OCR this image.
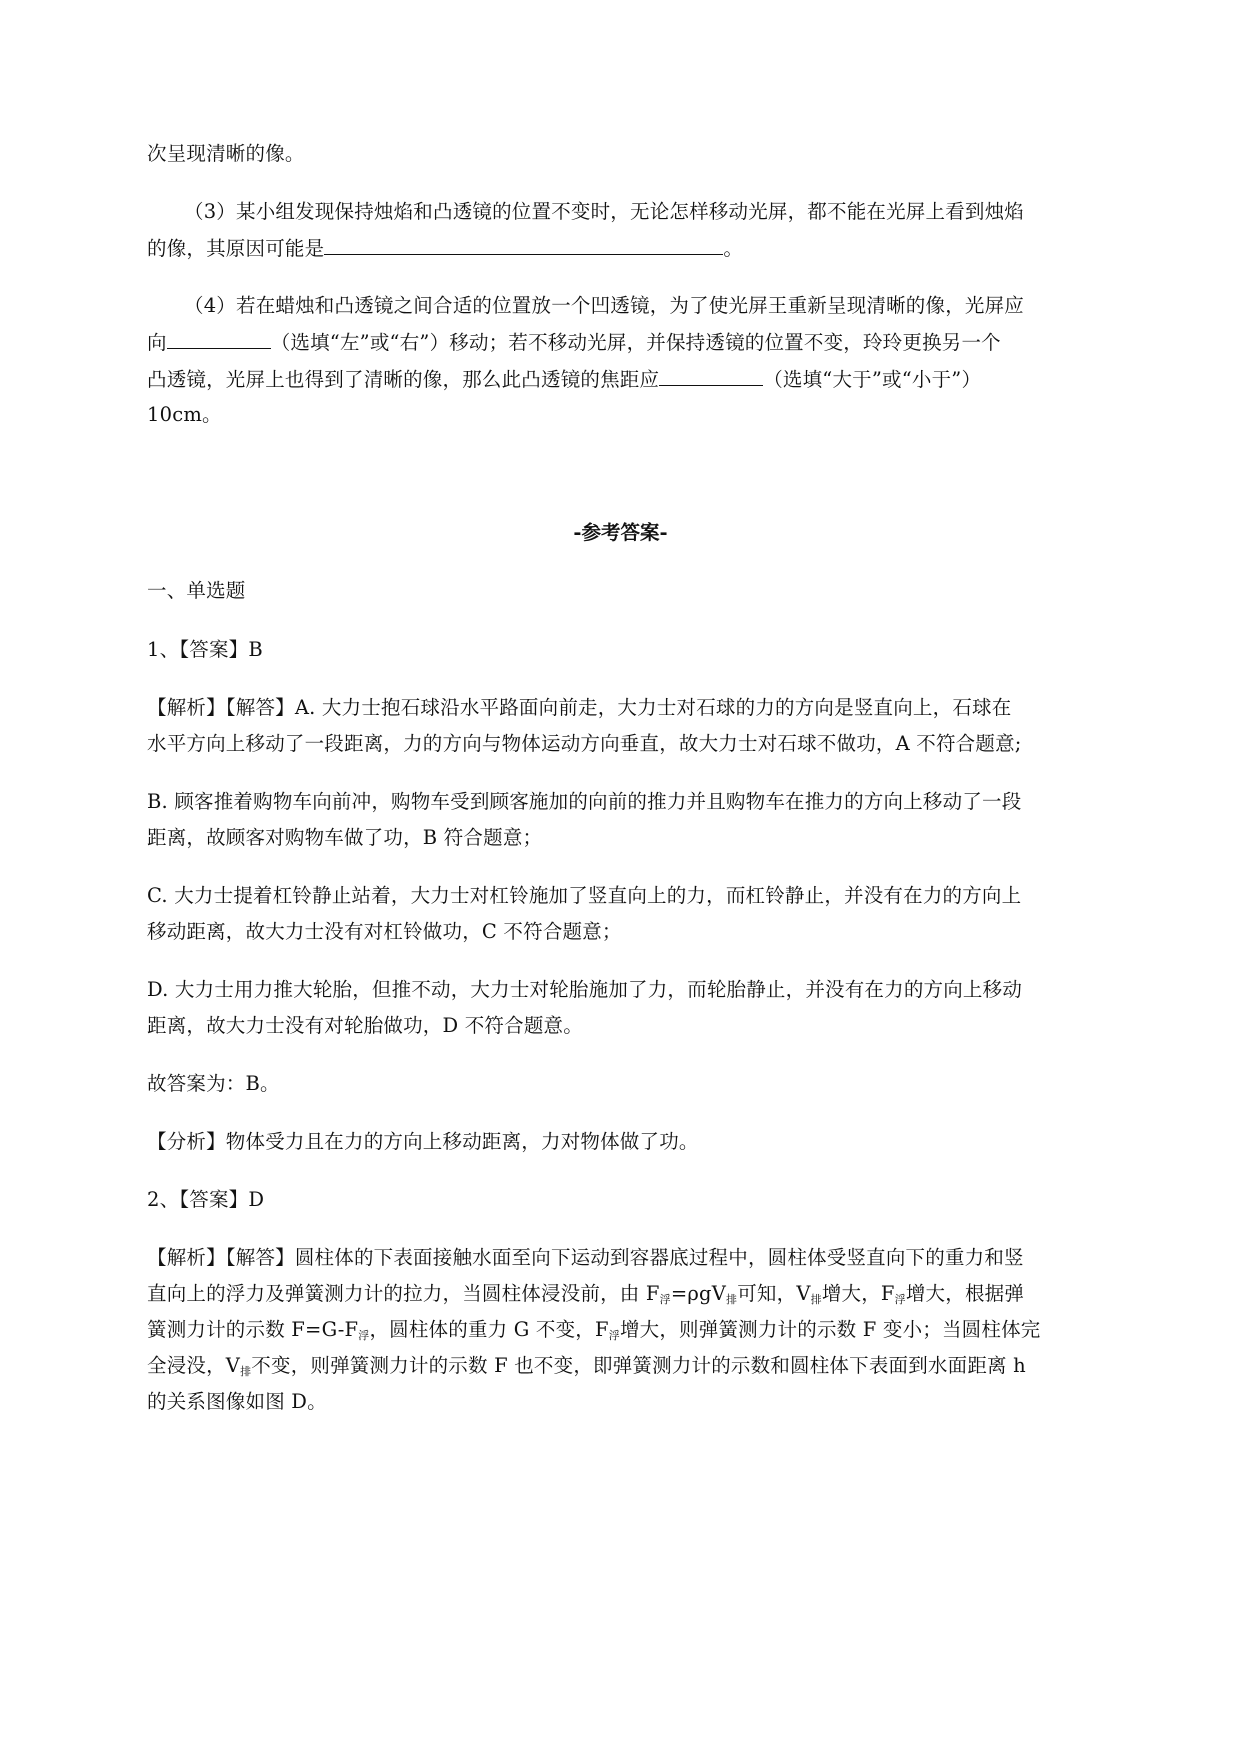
次呈现清晰的像。
（3）某小组发现保持烛焰和凸透镜的位置不变时，无论怎样移动光屏，都不能在光屏上看到烛焰
的像，其原因可能是	。
（4）若在蜡烛和凸透镜之间合适的位置放一个凹透镜，为了使光屏王重新呈现清晰的像，光屏应
向	（选填“左”或“右”）移动；若不移动光屏，并保持透镜的位置不变，玲玲更换另一个
凸透镜，光屏上也得到了清晰的像，那么此凸透镜的焦距应	（选填“大于”或“小于”）
10cm。
-参考答案-
一、单选题
1、【答案】B
【解析】【解答】A. 大力士抱石球沿水平路面向前走，大力士对石球的力的方向是竖直向上，石球在
水平方向上移动了一段距离，力的方向与物体运动方向垂直，故大力士对石球不做功，A 不符合题意;
B. 顾客推着购物车向前冲，购物车受到顾客施加的向前的推力并且购物车在推力的方向上移动了一段
距离，故顾客对购物车做了功，B 符合题意；
C. 大力士提着杠铃静止站着，大力士对杠铃施加了竖直向上的力，而杠铃静止，并没有在力的方向上
移动距离，故大力士没有对杠铃做功，C 不符合题意；
D. 大力士用力推大轮胎，但推不动，大力士对轮胎施加了力，而轮胎静止，并没有在力的方向上移动
距离，故大力士没有对轮胎做功，D 不符合题意。
故答案为：B。
【分析】物体受力且在力的方向上移动距离，力对物体做了功。
2、【答案】D
【解析】【解答】圆柱体的下表面接触水面至向下运动到容器底过程中，圆柱体受竖直向下的重力和竖
直向上的浮力及弹簧测力计的拉力，当圆柱体浸没前，由 $F_浮=\rho gV_排$可知，$V_排$增大，$F_浮$增大，根据弹
簧测力计的示数 $F=G-F_浮$，圆柱体的重力 G 不变，$F_浮$增大，则弹簧测力计的示数 F 变小；当圆柱体完
全浸没，$V_排$不变，则弹簧测力计的示数 F 也不变，即弹簧测力计的示数和圆柱体下表面到水面距离 h
的关系图像如图 D。
